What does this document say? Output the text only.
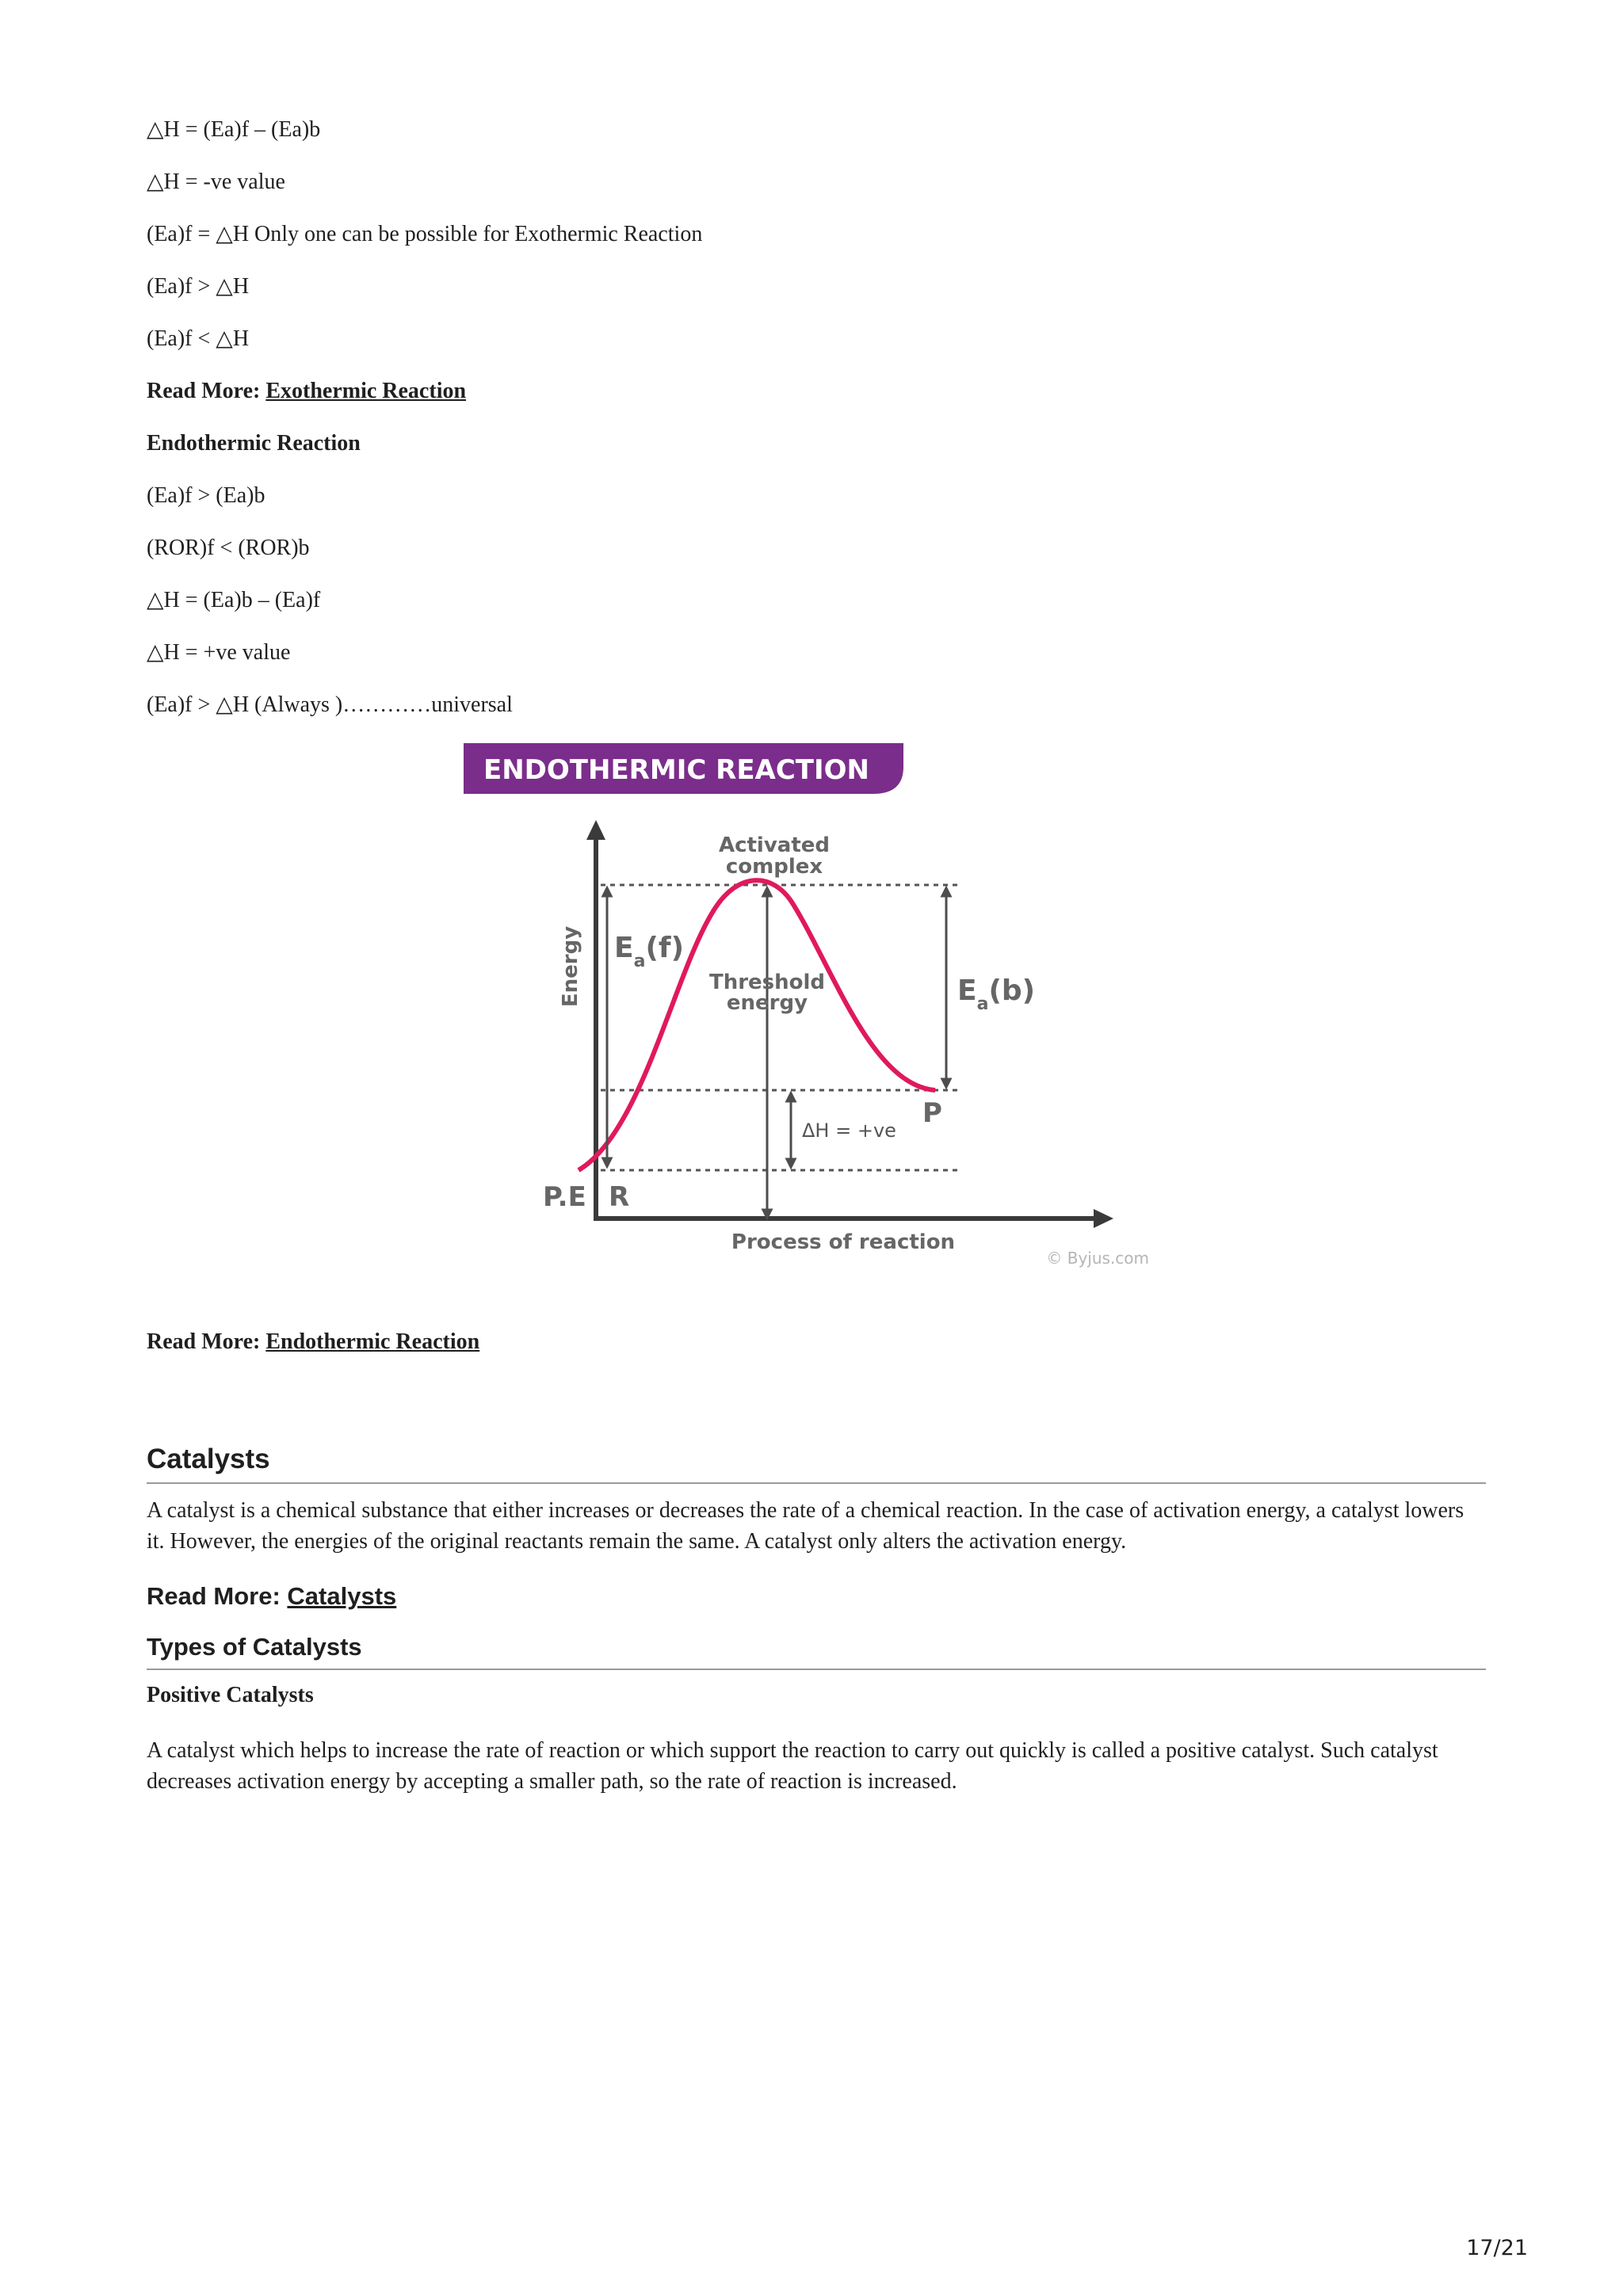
△H = (Ea)f – (Ea)b

△H = -ve value

(Ea)f = △H Only one can be possible for Exothermic Reaction

(Ea)f > △H

(Ea)f < △H

Read More: Exothermic Reaction

Endothermic Reaction

(Ea)f > (Ea)b

(ROR)f < (ROR)b

△H = (Ea)b – (Ea)f

△H = +ve value

(Ea)f > △H (Always )…………universal

ENDOTHERMIC REACTION
Activated
complex
Threshold
energy
$E_a(f)$
$E_a(b)$
ΔH = +ve
Energy
P.E R
P
Process of reaction
© Byjus.com

Read More: Endothermic Reaction

Catalysts

A catalyst is a chemical substance that either increases or decreases the rate of a chemical reaction. In the case of activation energy, a catalyst lowers it. However, the energies of the original reactants remain the same. A catalyst only alters the activation energy.

Read More: Catalysts

Types of Catalysts

Positive Catalysts

A catalyst which helps to increase the rate of reaction or which support the reaction to carry out quickly is called a positive catalyst. Such catalyst decreases activation energy by accepting a smaller path, so the rate of reaction is increased.

17/21
